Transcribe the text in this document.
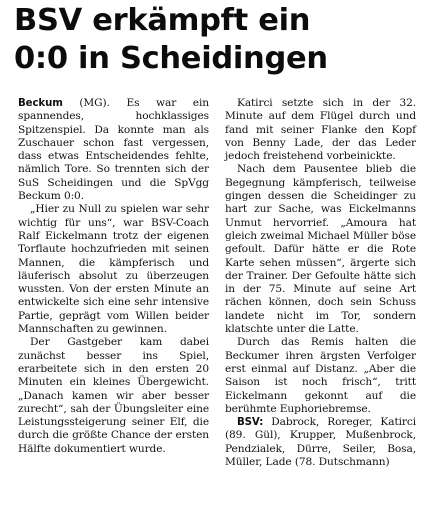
BSV erkämpft ein
0:0 in Scheidingen

Beckum (MG). Es war ein spannendes, hochklassiges Spitzenspiel. Da konnte man als Zuschauer schon fast vergessen, dass etwas Entscheidendes fehlte, nämlich Tore. So trennten sich der SuS Scheidingen und die SpVgg Beckum 0:0.

„Hier zu Null zu spielen war sehr wichtig für uns“, war BSV-Coach Ralf Eickelmann trotz der eigenen Torflaute hochzufrieden mit seinen Mannen, die kämpferisch und läuferisch absolut zu überzeugen wussten. Von der ersten Minute an entwickelte sich eine sehr intensive Partie, geprägt vom Willen beider Mannschaften zu gewinnen.

Der Gastgeber kam dabei zunächst besser ins Spiel, erarbeitete sich in den ersten 20 Minuten ein kleines Übergewicht. „Danach kamen wir aber besser zurecht“, sah der Übungsleiter eine Leistungssteigerung seiner Elf, die durch die größte Chance der ersten Hälfte dokumentiert wurde.

Katirci setzte sich in der 32. Minute auf dem Flügel durch und fand mit seiner Flanke den Kopf von Benny Lade, der das Leder jedoch freistehend vorbeinickte.

Nach dem Pausentee blieb die Begegnung kämpferisch, teilweise gingen dessen die Scheidinger zu hart zur Sache, was Eickelmanns Unmut hervorrief. „Amoura hat gleich zweimal Michael Müller böse gefoult. Dafür hätte er die Rote Karte sehen müssen“, ärgerte sich der Trainer. Der Gefoulte hätte sich in der 75. Minute auf seine Art rächen können, doch sein Schuss landete nicht im Tor, sondern klatschte unter die Latte.

Durch das Remis halten die Beckumer ihren ärgsten Verfolger erst einmal auf Distanz. „Aber die Saison ist noch frisch“, tritt Eickelmann gekonnt auf die berühmte Euphoriebremse.

BSV: Dabrock, Roreger, Katirci (89. Gül), Krupper, Mußenbrock, Pendzialek, Dürre, Seiler, Bosa, Müller, Lade (78. Dutschmann)
